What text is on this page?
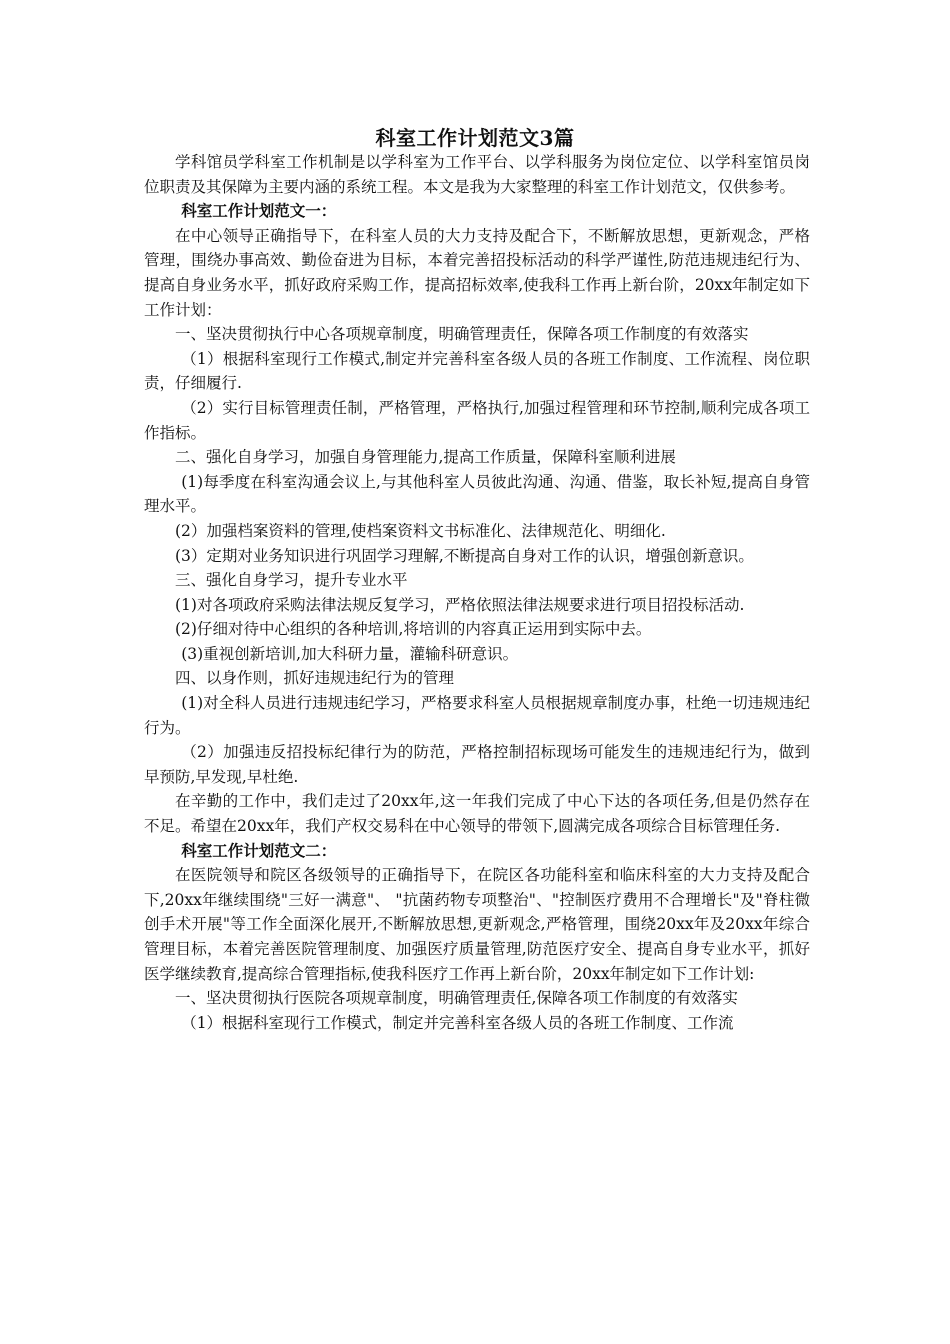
科室工作计划范文3篇

学科馆员学科室工作机制是以学科室为工作平台、以学科服务为岗位定位、以学科室馆员岗位职责及其保障为主要内涵的系统工程。本文是我为大家整理的科室工作计划范文，仅供参考。

科室工作计划范文一：

在中心领导正确指导下，在科室人员的大力支持及配合下，不断解放思想，更新观念，严格管理，围绕办事高效、勤俭奋进为目标，本着完善招投标活动的科学严谨性,防范违规违纪行为、提高自身业务水平，抓好政府采购工作，提高招标效率,使我科工作再上新台阶，20xx年制定如下工作计划：

一、坚决贯彻执行中心各项规章制度，明确管理责任，保障各项工作制度的有效落实

（1）根据科室现行工作模式,制定并完善科室各级人员的各班工作制度、工作流程、岗位职责，仔细履行.

（2）实行目标管理责任制，严格管理，严格执行,加强过程管理和环节控制,顺利完成各项工作指标。

二、强化自身学习，加强自身管理能力,提高工作质量，保障科室顺利进展

(1)每季度在科室沟通会议上,与其他科室人员彼此沟通、沟通、借鉴，取长补短,提高自身管理水平。

(2）加强档案资料的管理,使档案资料文书标准化、法律规范化、明细化.

(3）定期对业务知识进行巩固学习理解,不断提高自身对工作的认识，增强创新意识。

三、强化自身学习，提升专业水平

(1)对各项政府采购法律法规反复学习，严格依照法律法规要求进行项目招投标活动.

(2)仔细对待中心组织的各种培训,将培训的内容真正运用到实际中去。

(3)重视创新培训,加大科研力量，灌输科研意识。

四、以身作则，抓好违规违纪行为的管理

(1)对全科人员进行违规违纪学习，严格要求科室人员根据规章制度办事，杜绝一切违规违纪行为。

（2）加强违反招投标纪律行为的防范，严格控制招标现场可能发生的违规违纪行为，做到早预防,早发现,早杜绝.

在辛勤的工作中，我们走过了20xx年,这一年我们完成了中心下达的各项任务,但是仍然存在不足。希望在20xx年，我们产权交易科在中心领导的带领下,圆满完成各项综合目标管理任务.

科室工作计划范文二：

在医院领导和院区各级领导的正确指导下，在院区各功能科室和临床科室的大力支持及配合下,20xx年继续围绕"三好一满意"、 "抗菌药物专项整治"、"控制医疗费用不合理增长"及"脊柱微创手术开展"等工作全面深化展开,不断解放思想,更新观念,严格管理，围绕20xx年及20xx年综合管理目标，本着完善医院管理制度、加强医疗质量管理,防范医疗安全、提高自身专业水平，抓好医学继续教育,提高综合管理指标,使我科医疗工作再上新台阶，20xx年制定如下工作计划:

一、坚决贯彻执行医院各项规章制度，明确管理责任,保障各项工作制度的有效落实

（1）根据科室现行工作模式，制定并完善科室各级人员的各班工作制度、工作流
